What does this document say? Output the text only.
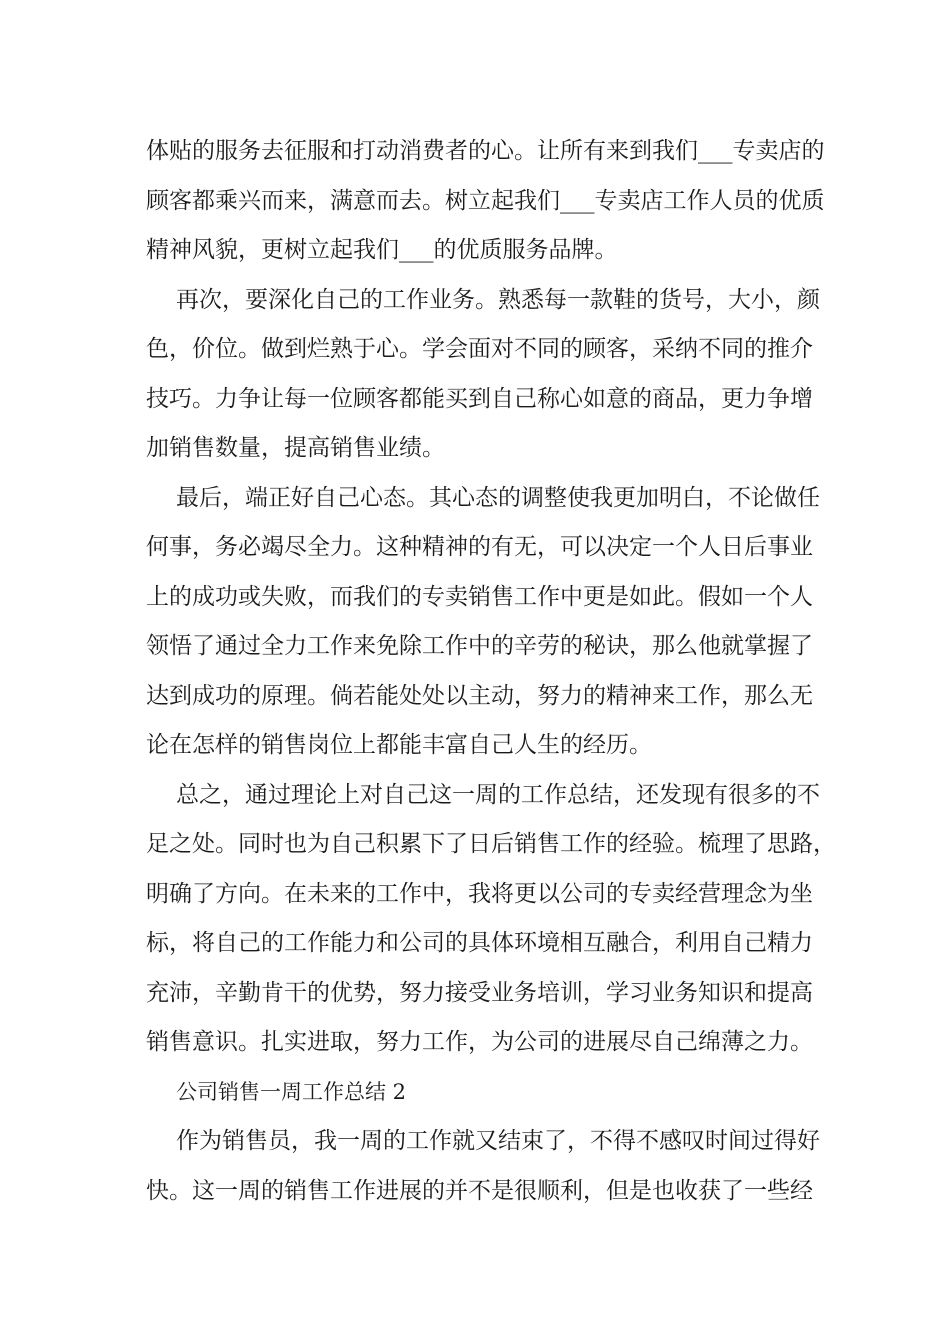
体贴的服务去征服和打动消费者的心。让所有来到我们___专卖店的
顾客都乘兴而来，满意而去。树立起我们___专卖店工作人员的优质
精神风貌，更树立起我们___的优质服务品牌。
再次，要深化自己的工作业务。熟悉每一款鞋的货号，大小，颜
色，价位。做到烂熟于心。学会面对不同的顾客，采纳不同的推介
技巧。力争让每一位顾客都能买到自己称心如意的商品，更力争增
加销售数量，提高销售业绩。
最后，端正好自己心态。其心态的调整使我更加明白，不论做任
何事，务必竭尽全力。这种精神的有无，可以决定一个人日后事业
上的成功或失败，而我们的专卖销售工作中更是如此。假如一个人
领悟了通过全力工作来免除工作中的辛劳的秘诀，那么他就掌握了
达到成功的原理。倘若能处处以主动，努力的精神来工作，那么无
论在怎样的销售岗位上都能丰富自己人生的经历。
总之，通过理论上对自己这一周的工作总结，还发现有很多的不
足之处。同时也为自己积累下了日后销售工作的经验。梳理了思路，
明确了方向。在未来的工作中，我将更以公司的专卖经营理念为坐
标，将自己的工作能力和公司的具体环境相互融合，利用自己精力
充沛，辛勤肯干的优势，努力接受业务培训，学习业务知识和提高
销售意识。扎实进取，努力工作，为公司的进展尽自己绵薄之力。
公司销售一周工作总结 2
作为销售员，我一周的工作就又结束了，不得不感叹时间过得好
快。这一周的销售工作进展的并不是很顺利，但是也收获了一些经
